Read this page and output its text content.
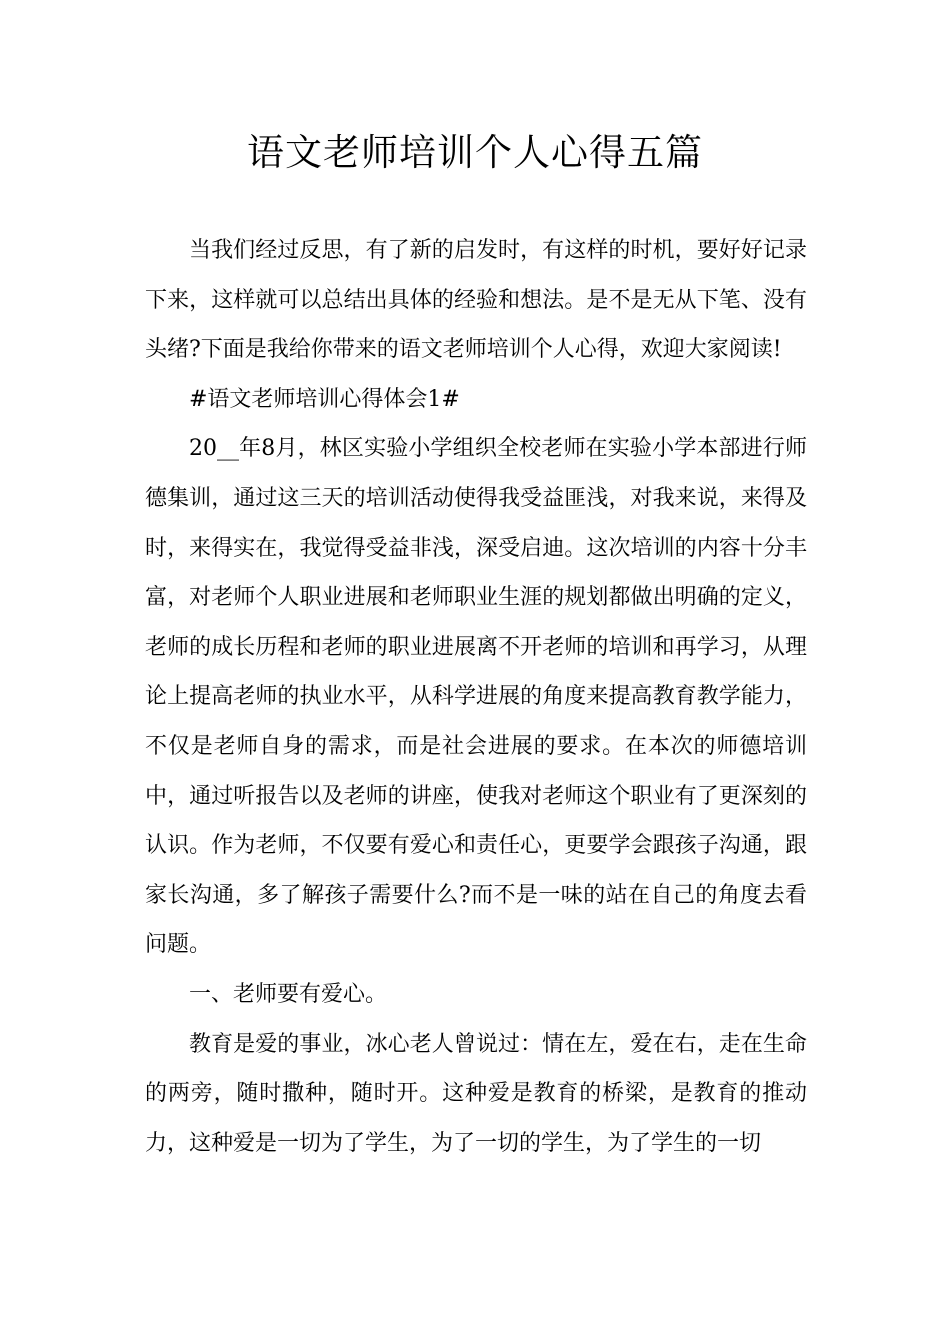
语文老师培训个人心得五篇

当我们经过反思，有了新的启发时，有这样的时机，要好好记录下来，这样就可以总结出具体的经验和想法。是不是无从下笔、没有头绪?下面是我给你带来的语文老师培训个人心得，欢迎大家阅读!

#语文老师培训心得体会1#

20__年8月，林区实验小学组织全校老师在实验小学本部进行师德集训，通过这三天的培训活动使得我受益匪浅，对我来说，来得及时，来得实在，我觉得受益非浅，深受启迪。这次培训的内容十分丰富，对老师个人职业进展和老师职业生涯的规划都做出明确的定义，老师的成长历程和老师的职业进展离不开老师的培训和再学习，从理论上提高老师的执业水平，从科学进展的角度来提高教育教学能力，不仅是老师自身的需求，而是社会进展的要求。在本次的师德培训中，通过听报告以及老师的讲座，使我对老师这个职业有了更深刻的认识。作为老师，不仅要有爱心和责任心，更要学会跟孩子沟通，跟家长沟通，多了解孩子需要什么?而不是一味的站在自己的角度去看问题。

一、老师要有爱心。

教育是爱的事业，冰心老人曾说过：情在左，爱在右，走在生命的两旁，随时撒种，随时开。这种爱是教育的桥梁，是教育的推动力，这种爱是一切为了学生，为了一切的学生，为了学生的一切
